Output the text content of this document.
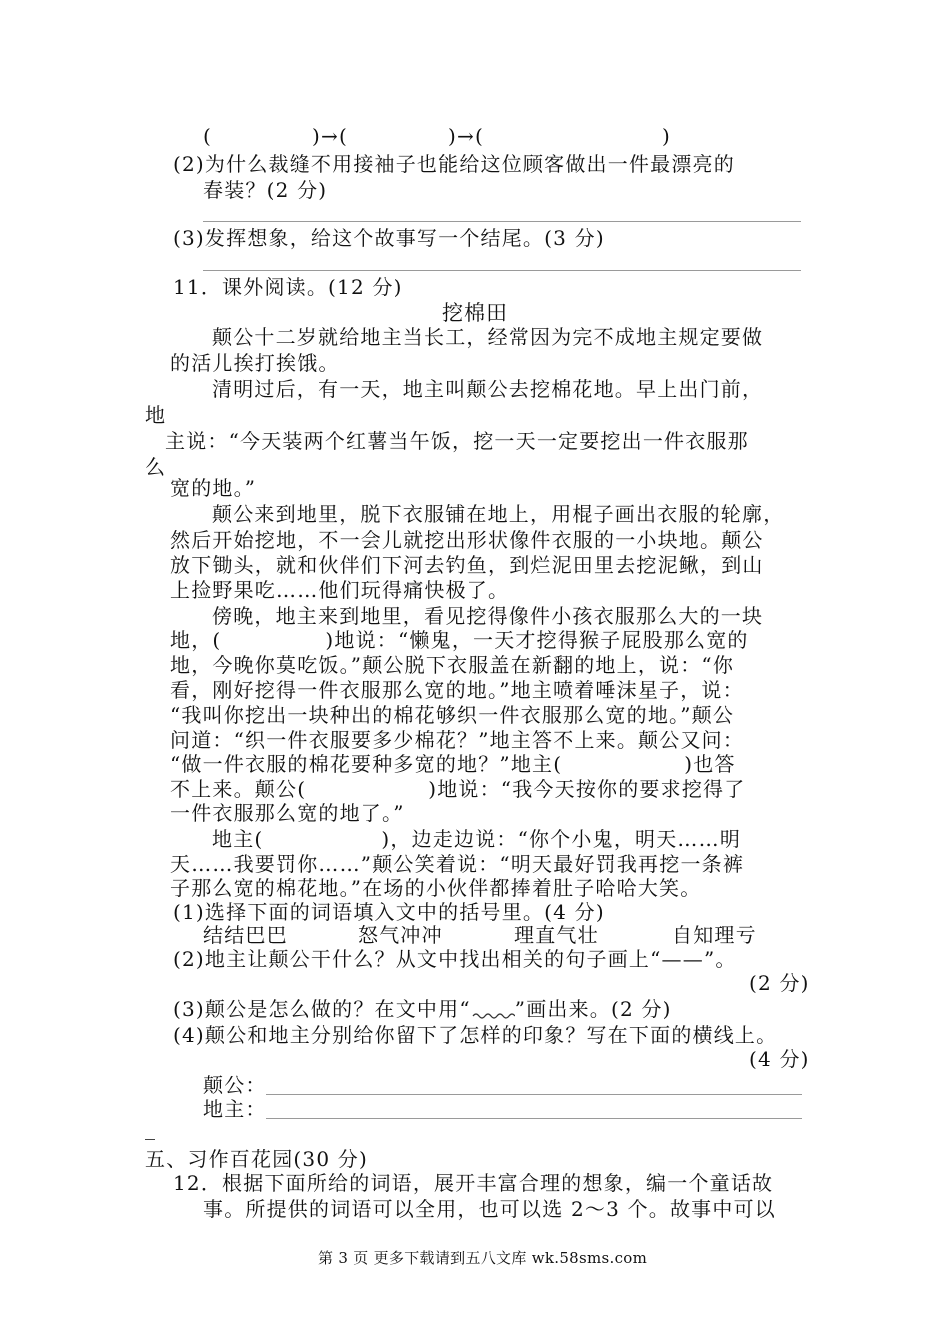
(	)→(	)→(	)
(2)为什么裁缝不用接袖子也能给这位顾客做出一件最漂亮的
春装？(2 分)
(3)发挥想象，给这个故事写一个结尾。(3 分)
11．课外阅读。(12 分)
挖棉田
颠公十二岁就给地主当长工，经常因为完不成地主规定要做
的活儿挨打挨饿。
清明过后，有一天，地主叫颠公去挖棉花地。早上出门前，
地
主说：“今天装两个红薯当午饭，挖一天一定要挖出一件衣服那
么
宽的地。”
颠公来到地里，脱下衣服铺在地上，用棍子画出衣服的轮廓，
然后开始挖地，不一会儿就挖出形状像件衣服的一小块地。颠公
放下锄头，就和伙伴们下河去钓鱼，到烂泥田里去挖泥鳅，到山
上捡野果吃……他们玩得痛快极了。
傍晚，地主来到地里，看见挖得像件小孩衣服那么大的一块
地，(	)地说：“懒鬼，一天才挖得猴子屁股那么宽的
地，今晚你莫吃饭。”颠公脱下衣服盖在新翻的地上，说：“你
看，刚好挖得一件衣服那么宽的地。”地主喷着唾沫星子，说：
“我叫你挖出一块种出的棉花够织一件衣服那么宽的地。”颠公
问道：“织一件衣服要多少棉花？”地主答不上来。颠公又问：
“做一件衣服的棉花要种多宽的地？”地主(	)也答
不上来。颠公(	)地说：“我今天按你的要求挖得了
一件衣服那么宽的地了。”
地主(	)，边走边说：“你个小鬼，明天……明
天……我要罚你……”颠公笑着说：“明天最好罚我再挖一条裤
子那么宽的棉花地。”在场的小伙伴都捧着肚子哈哈大笑。
(1)选择下面的词语填入文中的括号里。(4 分)
结结巴巴	怒气冲冲	理直气壮	自知理亏
(2)地主让颠公干什么？从文中找出相关的句子画上“——”。
(2 分)
(3)颠公是怎么做的？在文中用“ ”画出来。(2 分)
(4)颠公和地主分别给你留下了怎样的印象？写在下面的横线上。
(4 分)
颠公：
地主：
五、习作百花园(30 分)
12．根据下面所给的词语，展开丰富合理的想象，编一个童话故
事。所提供的词语可以全用，也可以选 2～3 个。故事中可以
第 3 页 更多下载请到五八文库 wk.58sms.com
